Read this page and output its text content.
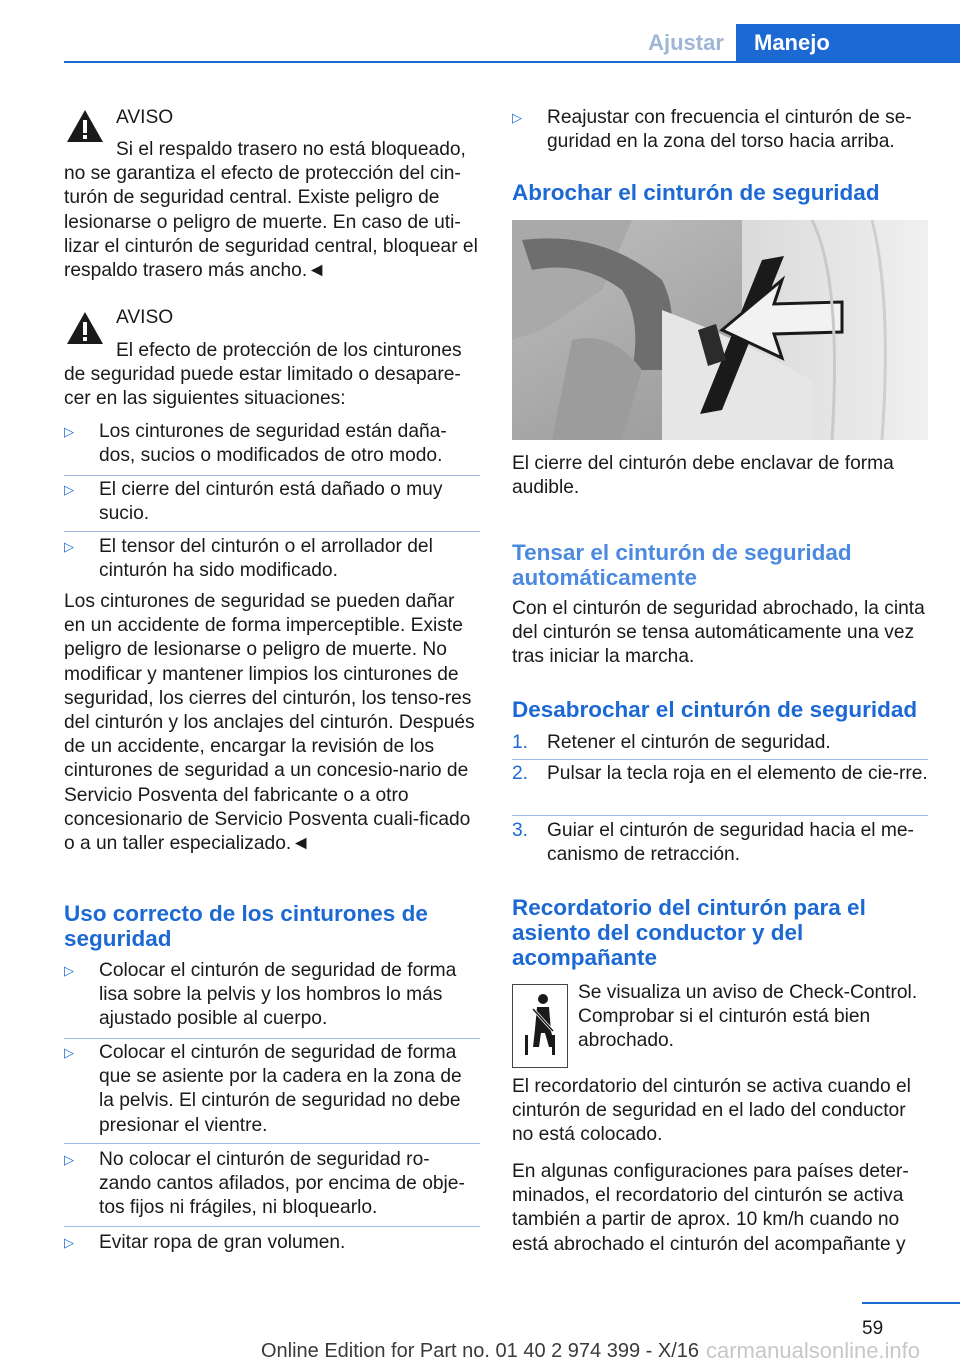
Ajustar	Manejo
AVISO

Si el respaldo trasero no está bloqueado, no se garantiza el efecto de protección del cin-turón de seguridad central. Existe peligro de lesionarse o peligro de muerte. En caso de uti-lizar el cinturón de seguridad central, bloquear el respaldo trasero más ancho.◄

AVISO

El efecto de protección de los cinturones de seguridad puede estar limitado o desapare-cer en las siguientes situaciones:

▷ Los cinturones de seguridad están daña-dos, sucios o modificados de otro modo.
▷ El cierre del cinturón está dañado o muy sucio.
▷ El tensor del cinturón o el arrollador del cinturón ha sido modificado.

Los cinturones de seguridad se pueden dañar en un accidente de forma imperceptible. Existe peligro de lesionarse o peligro de muerte. No modificar y mantener limpios los cinturones de seguridad, los cierres del cinturón, los tenso-res del cinturón y los anclajes del cinturón. Después de un accidente, encargar la revisión de los cinturones de seguridad a un concesio-nario de Servicio Posventa del fabricante o a otro concesionario de Servicio Posventa cuali-ficado o a un taller especializado.◄

Uso correcto de los cinturones de seguridad
▷ Colocar el cinturón de seguridad de forma lisa sobre la pelvis y los hombros lo más ajustado posible al cuerpo.
▷ Colocar el cinturón de seguridad de forma que se asiente por la cadera en la zona de la pelvis. El cinturón de seguridad no debe presionar el vientre.
▷ No colocar el cinturón de seguridad ro-zando cantos afilados, por encima de obje-tos fijos ni frágiles, ni bloquearlo.
▷ Evitar ropa de gran volumen.
▷ Reajustar con frecuencia el cinturón de se-guridad en la zona del torso hacia arriba.
Abrochar el cinturón de seguridad

El cierre del cinturón debe enclavar de forma audible.

Tensar el cinturón de seguridad automáticamente

Con el cinturón de seguridad abrochado, la cinta del cinturón se tensa automáticamente una vez tras iniciar la marcha.

Desabrochar el cinturón de seguridad
1. Retener el cinturón de seguridad.
2. Pulsar la tecla roja en el elemento de cie-rre.
3. Guiar el cinturón de seguridad hacia el me-canismo de retracción.
Recordatorio del cinturón para el asiento del conductor y del acompañante

Se visualiza un aviso de Check-Control. Comprobar si el cinturón está bien abrochado.

El recordatorio del cinturón se activa cuando el cinturón de seguridad en el lado del conductor no está colocado.

En algunas configuraciones para países deter-minados, el recordatorio del cinturón se activa también a partir de aprox. 10 km/h cuando no está abrochado el cinturón del acompañante y

59
Online Edition for Part no. 01 40 2 974 399 - X/16 carmanualsonline.info
